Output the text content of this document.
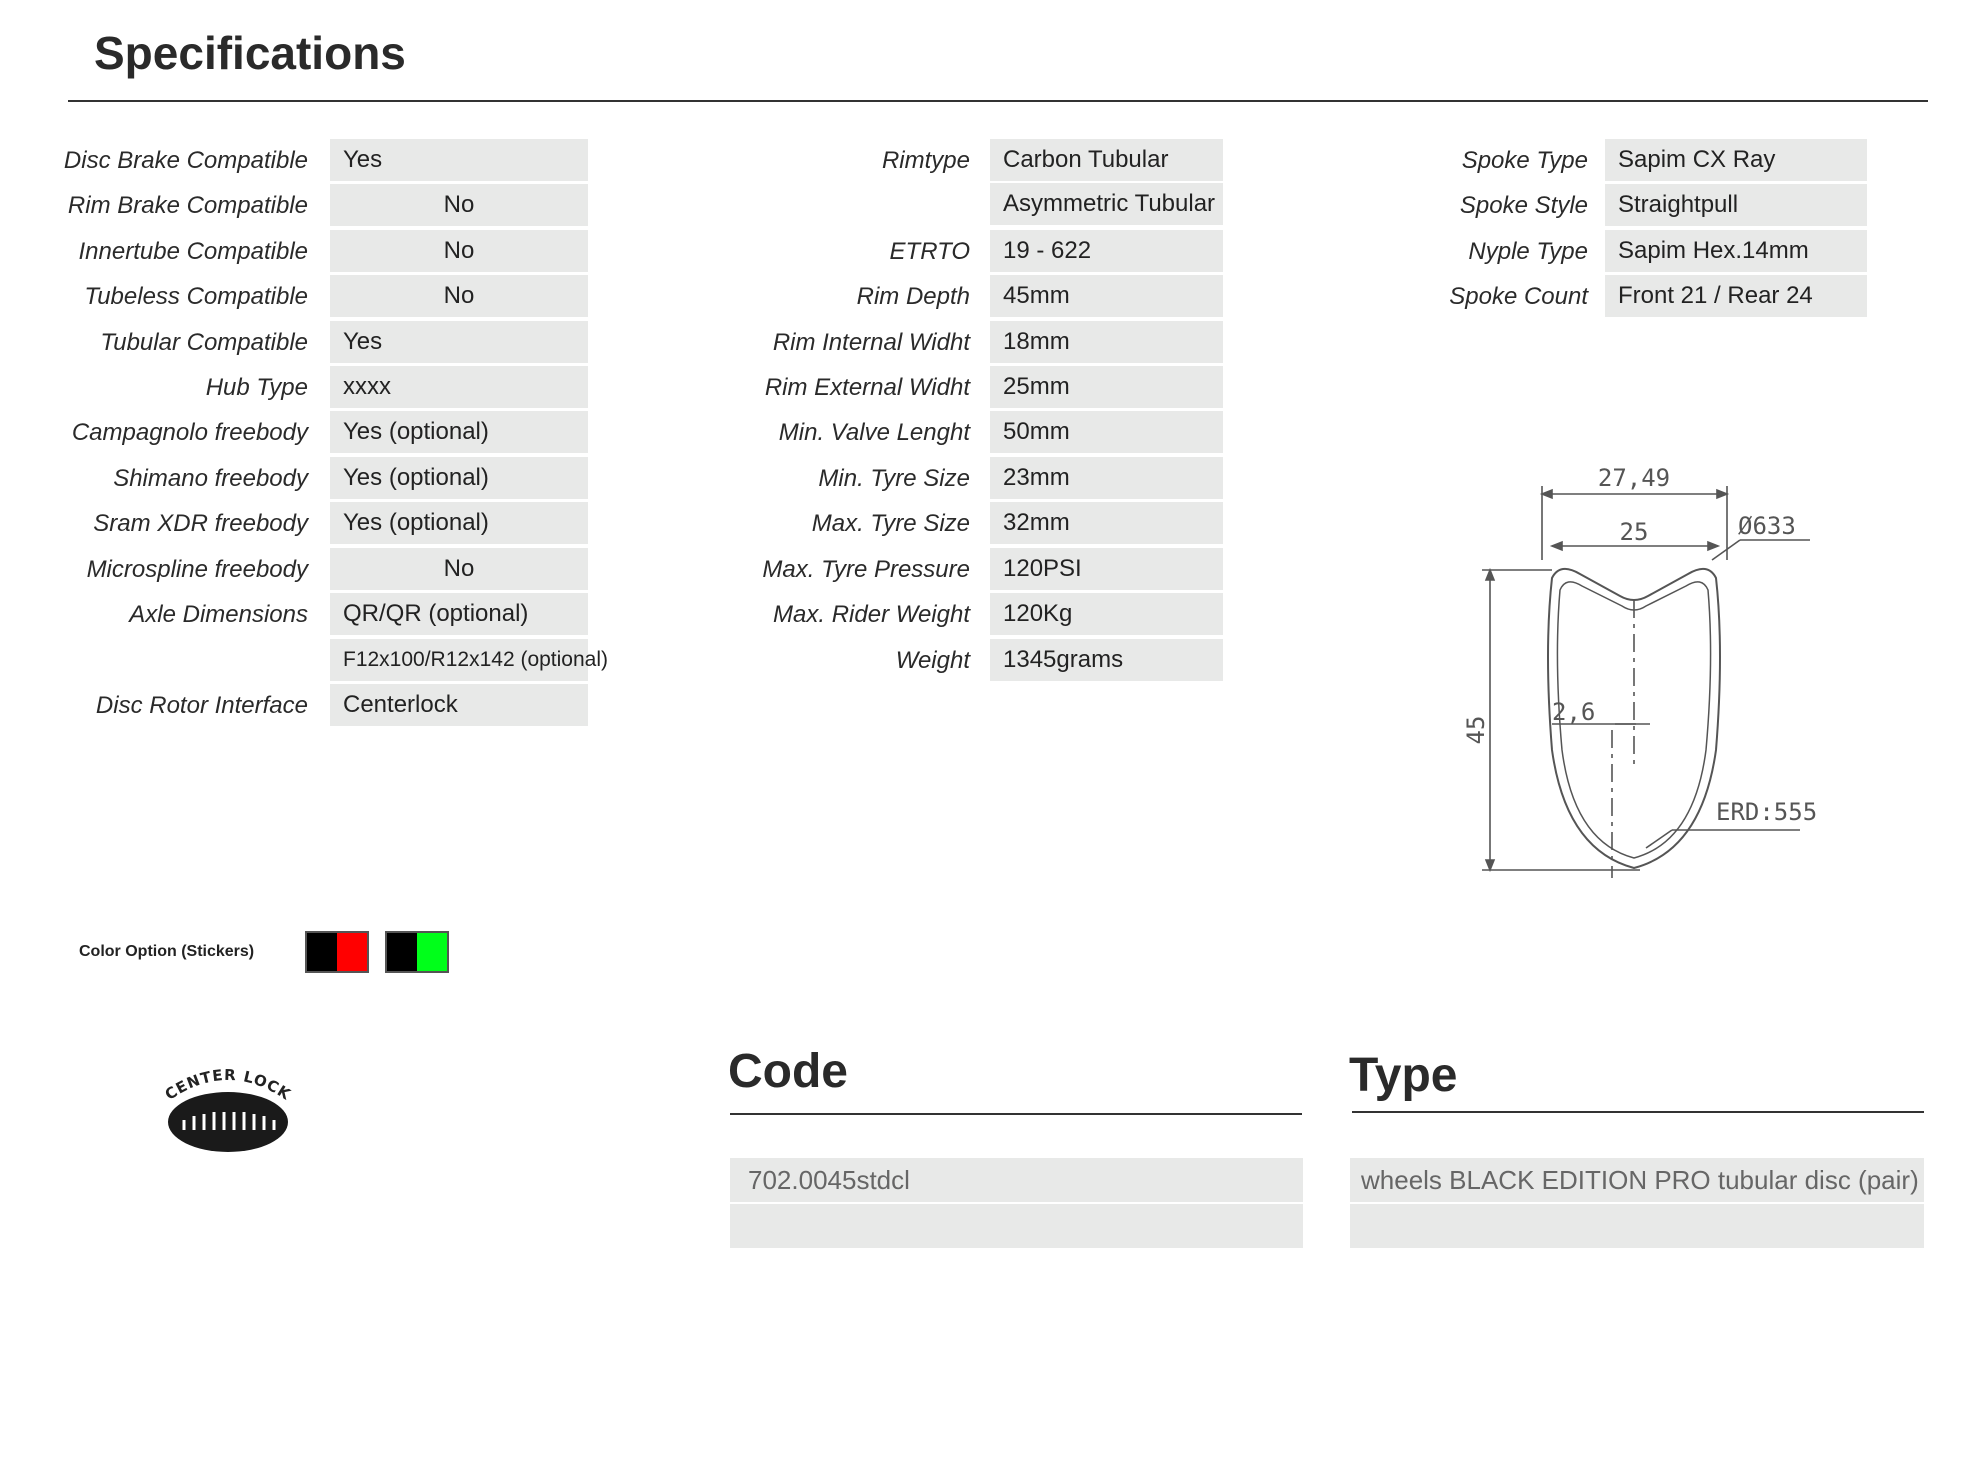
Specifications
Disc Brake Compatible	Yes
Rim Brake Compatible	No
Innertube Compatible	No
Tubeless Compatible	No
Tubular Compatible	Yes
Hub Type	xxxx
Campagnolo freebody	Yes (optional)
Shimano freebody	Yes (optional)
Sram XDR freebody	Yes (optional)
Microspline freebody	No
Axle Dimensions	QR/QR (optional)
F12x100/R12x142 (optional)
Disc Rotor Interface	Centerlock
Rimtype	Carbon Tubular
Asymmetric Tubular
ETRTO	19 - 622
Rim Depth	45mm
Rim Internal Widht	18mm
Rim External Widht	25mm
Min. Valve Lenght	50mm
Min. Tyre Size	23mm
Max. Tyre Size	32mm
Max. Tyre Pressure	120PSI
Max. Rider Weight	120Kg
Weight	1345grams
Spoke Type	Sapim CX Ray
Spoke Style	Straightpull
Nyple Type	Sapim Hex.14mm
Spoke Count	Front 21 / Rear 24
27,49
25	Ø633
45
2,6
ERD:555
Color Option (Stickers)
CENTER LOCK	Code
702.0045stdcl
Type
wheels BLACK EDITION PRO tubular disc (pair)
